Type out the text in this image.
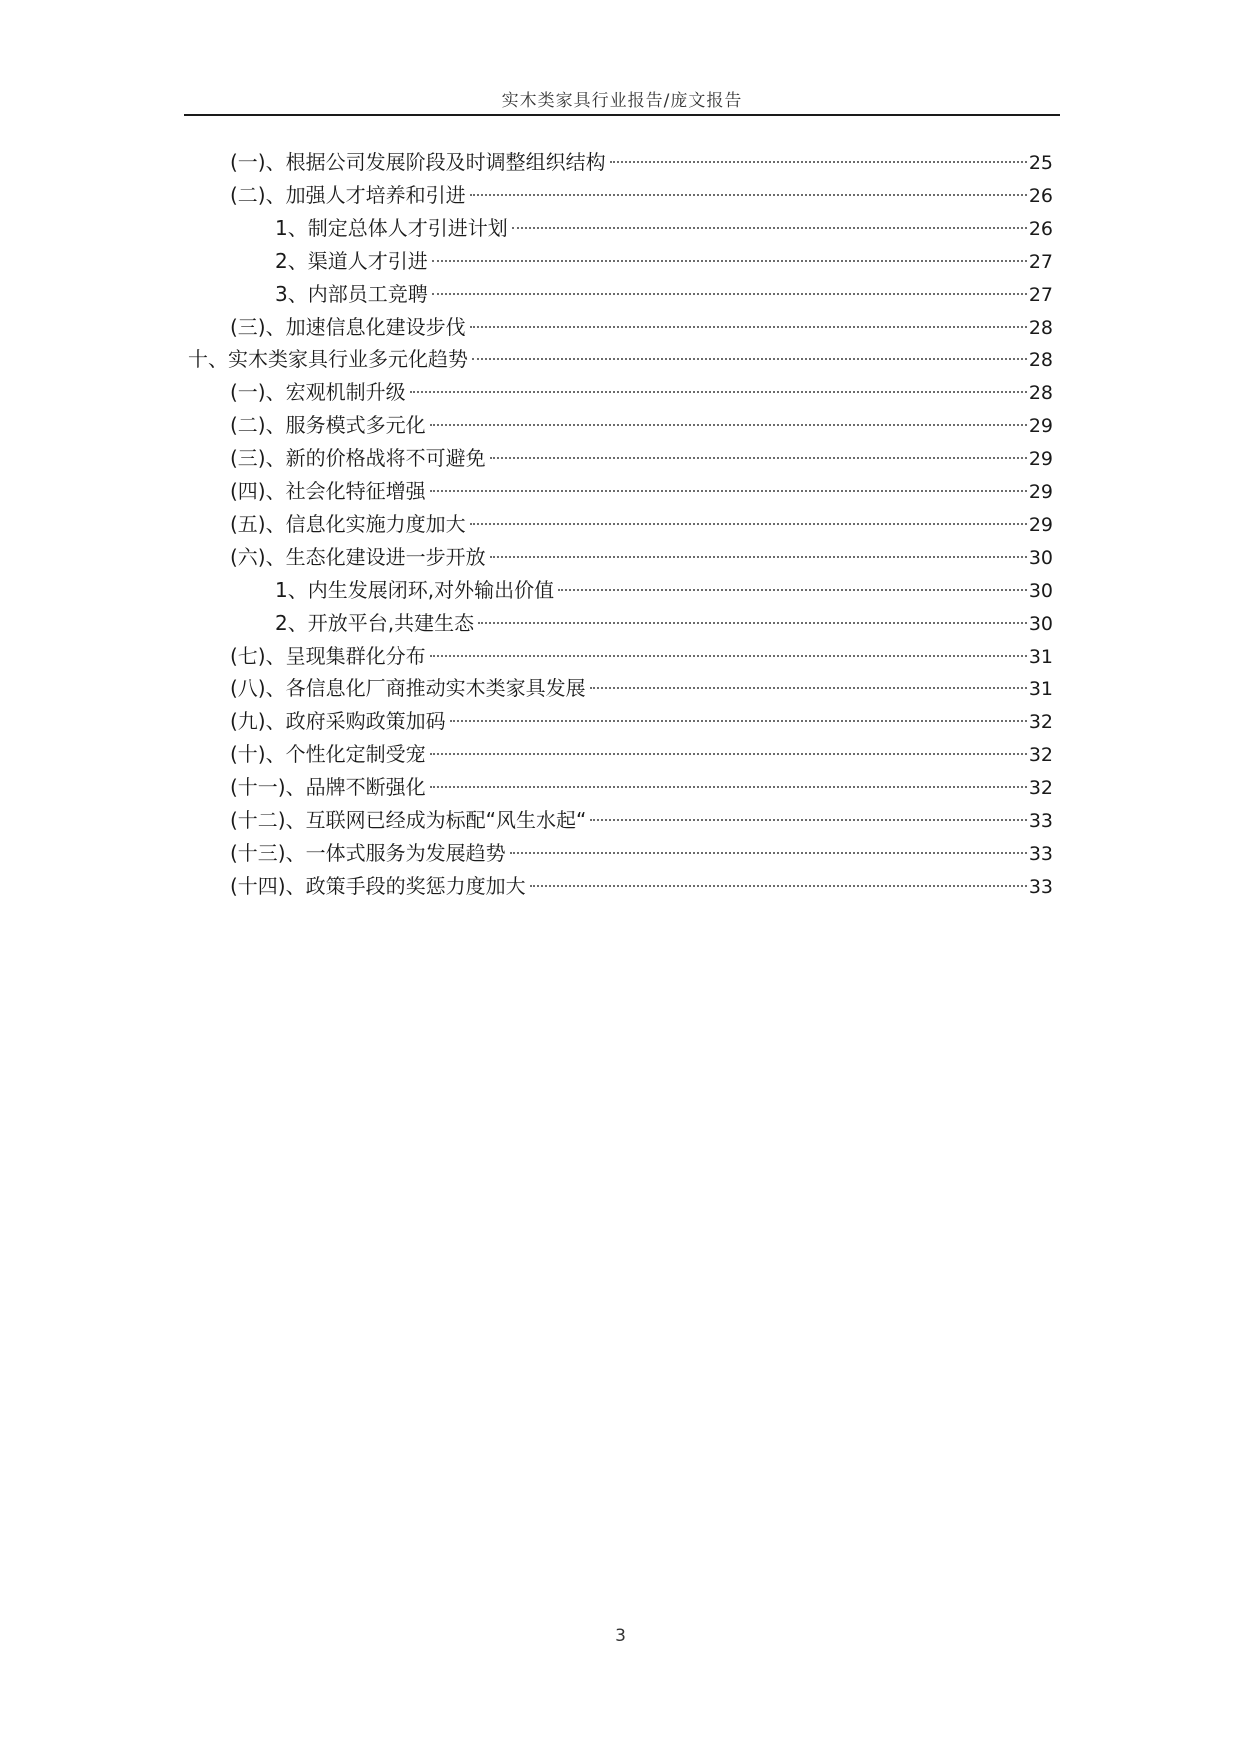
实木类家具行业报告/庞文报告
(一)、根据公司发展阶段及时调整组织结构	25
(二)、加强人才培养和引进	26
1、制定总体人才引进计划	26
2、渠道人才引进	27
3、内部员工竞聘	27
(三)、加速信息化建设步伐	28
十、实木类家具行业多元化趋势	28
(一)、宏观机制升级	28
(二)、服务模式多元化	29
(三)、新的价格战将不可避免	29
(四)、社会化特征增强	29
(五)、信息化实施力度加大	29
(六)、生态化建设进一步开放	30
1、内生发展闭环,对外输出价值	30
2、开放平台,共建生态	30
(七)、呈现集群化分布	31
(八)、各信息化厂商推动实木类家具发展	31
(九)、政府采购政策加码	32
(十)、个性化定制受宠	32
(十一)、品牌不断强化	32
(十二)、互联网已经成为标配“风生水起“	33
(十三)、一体式服务为发展趋势	33
(十四)、政策手段的奖惩力度加大	33
3
